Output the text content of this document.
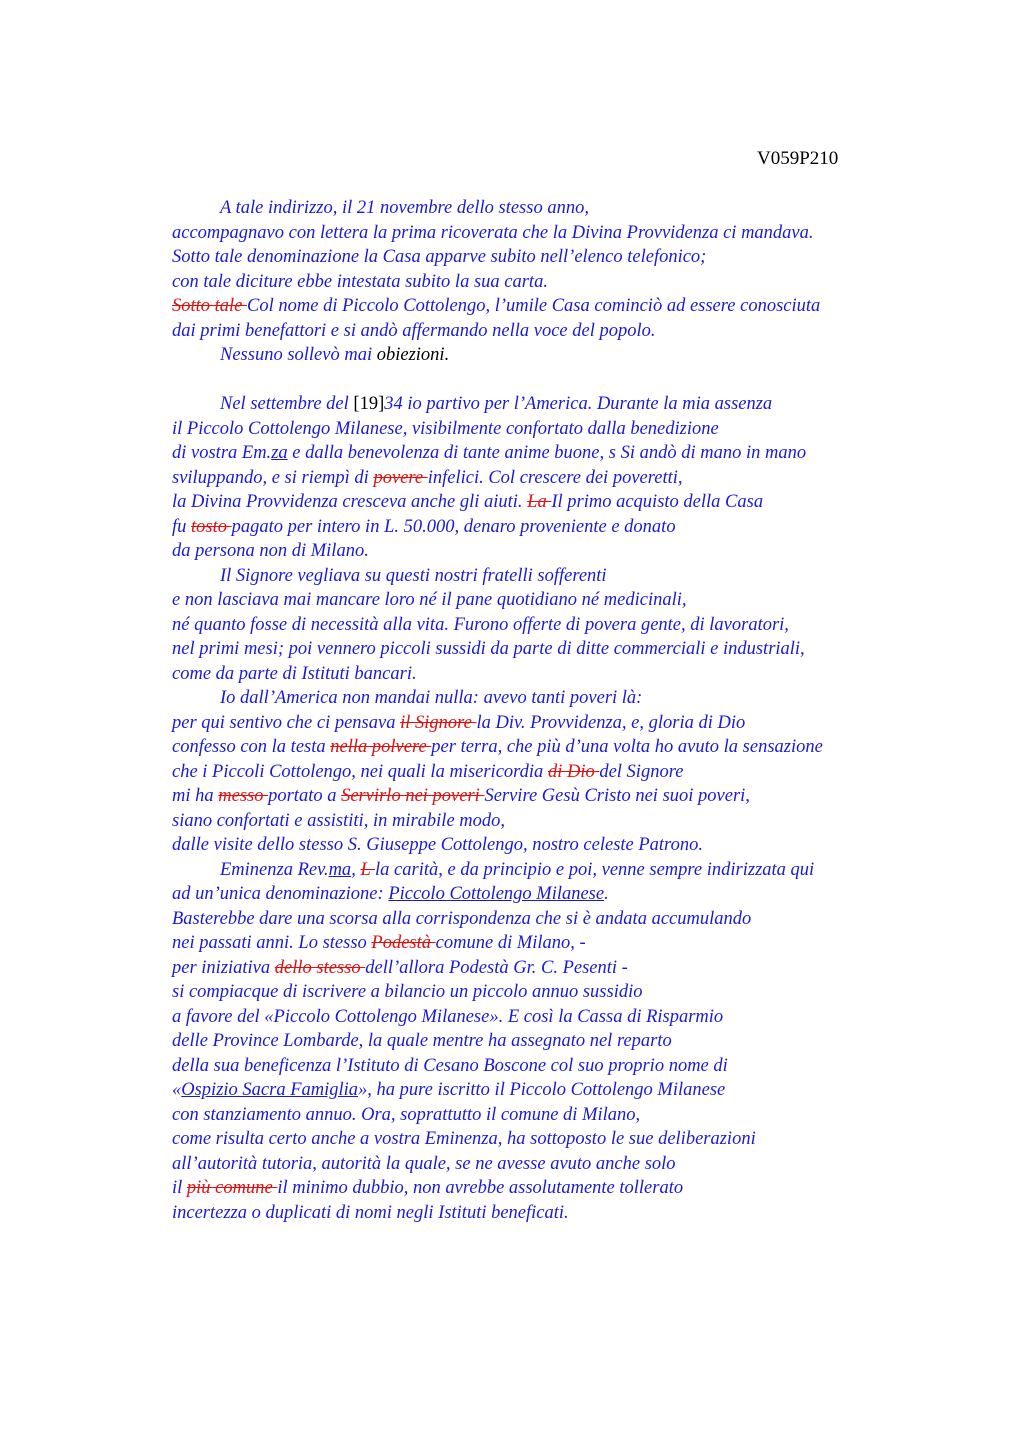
V059P210
A tale indirizzo, il 21 novembre dello stesso anno,
accompagnavo con lettera la prima ricoverata che la Divina Provvidenza ci mandava.
Sotto tale denominazione la Casa apparve subito nell’elenco telefonico;
con tale diciture ebbe intestata subito la sua carta.
Sotto tale Col nome di Piccolo Cottolengo, l’umile Casa cominciò ad essere conosciuta
dai primi benefattori e si andò affermando nella voce del popolo.
Nessuno sollevò mai obiezioni.
Nel settembre del [19]34 io partivo per l’America. Durante la mia assenza
il Piccolo Cottolengo Milanese, visibilmente confortato dalla benedizione
di vostra Em.za e dalla benevolenza di tante anime buone, s Si andò di mano in mano
sviluppando, e si riempì di povere infelici. Col crescere dei poveretti,
la Divina Provvidenza cresceva anche gli aiuti. La Il primo acquisto della Casa
fu tosto pagato per intero in L. 50.000, denaro proveniente e donato
da persona non di Milano.
Il Signore vegliava su questi nostri fratelli sofferenti
e non lasciava mai mancare loro né il pane quotidiano né medicinali,
né quanto fosse di necessità alla vita. Furono offerte di povera gente, di lavoratori,
nel primi mesi; poi vennero piccoli sussidi da parte di ditte commerciali e industriali,
come da parte di Istituti bancari.
Io dall’America non mandai nulla: avevo tanti poveri là:
per qui sentivo che ci pensava il Signore la Div. Provvidenza, e, gloria di Dio
confesso con la testa nella polvere per terra, che più d’una volta ho avuto la sensazione
che i Piccoli Cottolengo, nei quali la misericordia di Dio del Signore
mi ha messo portato a Servirlo nei poveri Servire Gesù Cristo nei suoi poveri,
siano confortati e assistiti, in mirabile modo,
dalle visite dello stesso S. Giuseppe Cottolengo, nostro celeste Patrono.
Eminenza Rev.ma, L la carità, e da principio e poi, venne sempre indirizzata qui
ad un’unica denominazione: Piccolo Cottolengo Milanese.
Basterebbe dare una scorsa alla corrispondenza che si è andata accumulando
nei passati anni. Lo stesso Podestà comune di Milano, -
per iniziativa dello stesso dell’allora Podestà Gr. C. Pesenti -
si compiacque di iscrivere a bilancio un piccolo annuo sussidio
a favore del «Piccolo Cottolengo Milanese». E così la Cassa di Risparmio
delle Province Lombarde, la quale mentre ha assegnato nel reparto
della sua beneficenza l’Istituto di Cesano Boscone col suo proprio nome di
«Ospizio Sacra Famiglia», ha pure iscritto il Piccolo Cottolengo Milanese
con stanziamento annuo. Ora, soprattutto il comune di Milano,
come risulta certo anche a vostra Eminenza, ha sottoposto le sue deliberazioni
all’autorità tutoria, autorità la quale, se ne avesse avuto anche solo
il più comune il minimo dubbio, non avrebbe assolutamente tollerato
incertezza o duplicati di nomi negli Istituti beneficati.
